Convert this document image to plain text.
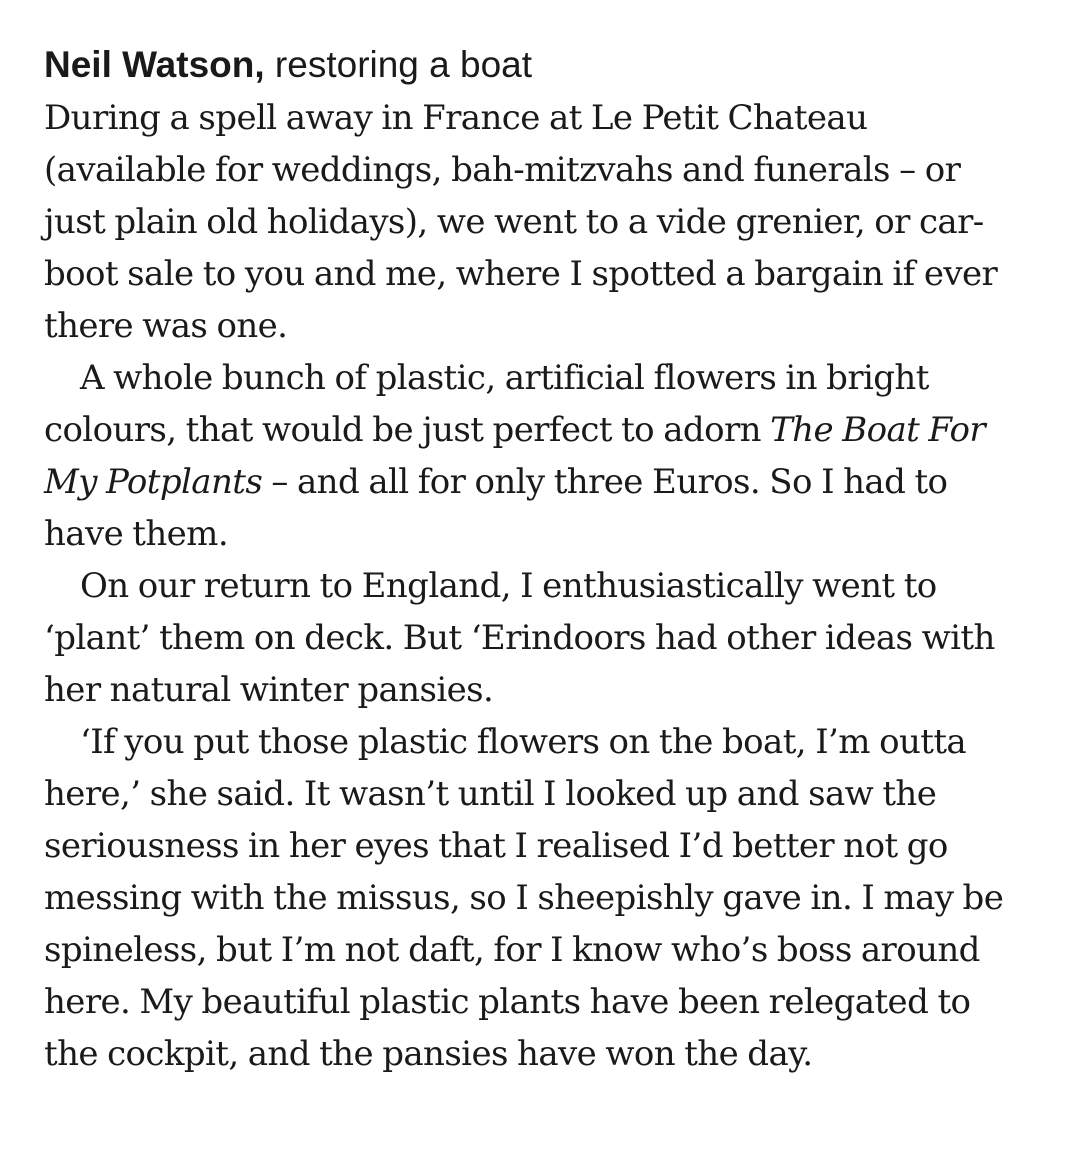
Neil Watson, restoring a boat

During a spell away in France at Le Petit Chateau
(available for weddings, bah-mitzvahs and funerals – or
just plain old holidays), we went to a vide grenier, or car-
boot sale to you and me, where I spotted a bargain if ever
there was one.

A whole bunch of plastic, artificial flowers in bright
colours, that would be just perfect to adorn The Boat For
My Potplants – and all for only three Euros. So I had to
have them.

On our return to England, I enthusiastically went to
‘plant’ them on deck. But ‘Erindoors had other ideas with
her natural winter pansies.

‘If you put those plastic flowers on the boat, I’m outta
here,’ she said. It wasn’t until I looked up and saw the
seriousness in her eyes that I realised I’d better not go
messing with the missus, so I sheepishly gave in. I may be
spineless, but I’m not daft, for I know who’s boss around
here. My beautiful plastic plants have been relegated to
the cockpit, and the pansies have won the day.
